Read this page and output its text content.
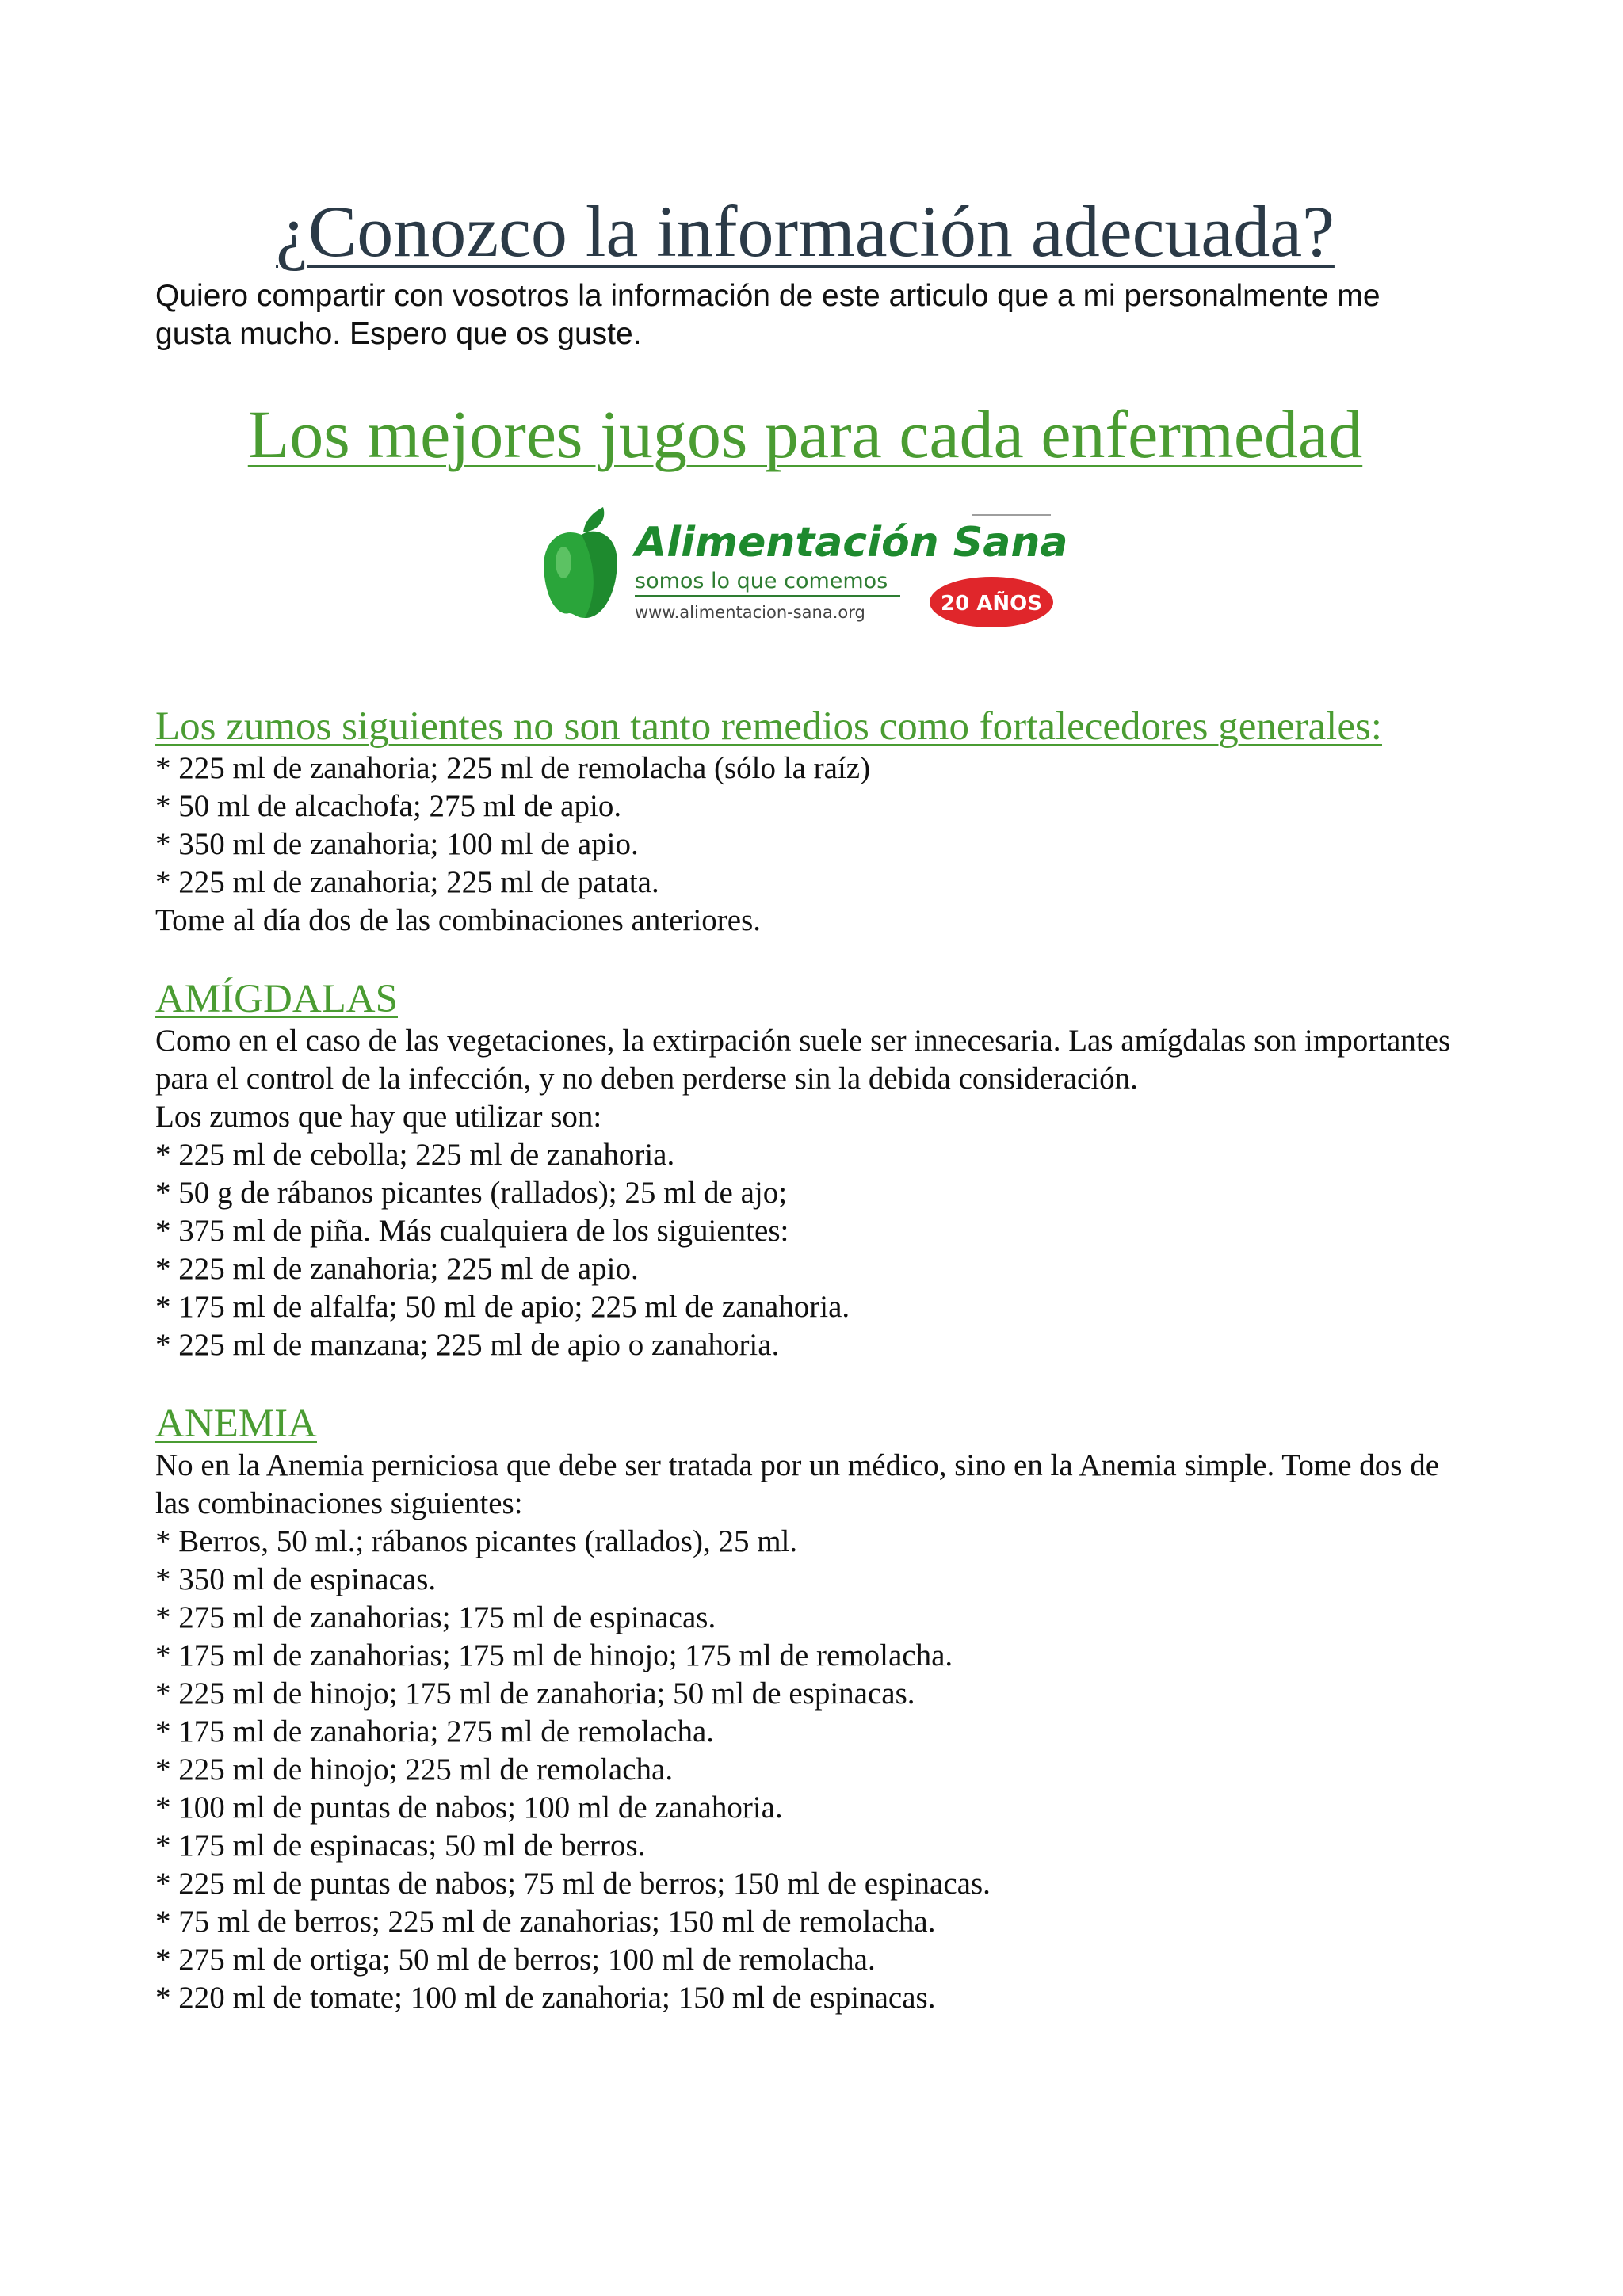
¿Conozco la información adecuada?

Quiero compartir con vosotros la información de este articulo que a mi personalmente me gusta mucho. Espero que os guste.

Los mejores jugos para cada enfermedad
Alimentación Sana
somos lo que comemos
www.alimentacion-sana.org	20 AÑOS
Los zumos siguientes no son tanto remedios como fortalecedores generales:
* 225 ml de zanahoria; 225 ml de remolacha (sólo la raíz)
* 50 ml de alcachofa; 275 ml de apio.
* 350 ml de zanahoria; 100 ml de apio.
* 225 ml de zanahoria; 225 ml de patata.

Tome al día dos de las combinaciones anteriores.

AMÍGDALAS

Como en el caso de las vegetaciones, la extirpación suele ser innecesaria. Las amígdalas son importantes para el control de la infección, y no deben perderse sin la debida consideración.

Los zumos que hay que utilizar son:

* 225 ml de cebolla; 225 ml de zanahoria.
* 50 g de rábanos picantes (rallados); 25 ml de ajo;
* 375 ml de piña. Más cualquiera de los siguientes:
* 225 ml de zanahoria; 225 ml de apio.
* 175 ml de alfalfa; 50 ml de apio; 225 ml de zanahoria.
* 225 ml de manzana; 225 ml de apio o zanahoria.
ANEMIA

No en la Anemia perniciosa que debe ser tratada por un médico, sino en la Anemia simple. Tome dos de las combinaciones siguientes:

* Berros, 50 ml.; rábanos picantes (rallados), 25 ml.
* 350 ml de espinacas.
* 275 ml de zanahorias; 175 ml de espinacas.
* 175 ml de zanahorias; 175 ml de hinojo; 175 ml de remolacha.
* 225 ml de hinojo; 175 ml de zanahoria; 50 ml de espinacas.
* 175 ml de zanahoria; 275 ml de remolacha.
* 225 ml de hinojo; 225 ml de remolacha.
* 100 ml de puntas de nabos; 100 ml de zanahoria.
* 175 ml de espinacas; 50 ml de berros.
* 225 ml de puntas de nabos; 75 ml de berros; 150 ml de espinacas.
* 75 ml de berros; 225 ml de zanahorias; 150 ml de remolacha.
* 275 ml de ortiga; 50 ml de berros; 100 ml de remolacha.
* 220 ml de tomate; 100 ml de zanahoria; 150 ml de espinacas.
